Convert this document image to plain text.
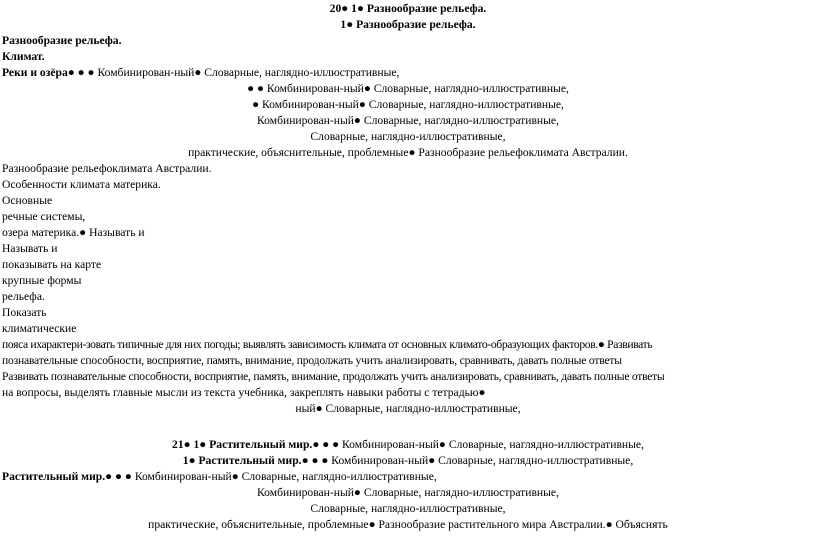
20● 1● Разнообразие рельефа.
1● Разнообразие рельефа.
Разнообразие рельефа.
Климат.
Реки и озёра● ● ● Комбинирован-ный● Словарные, наглядно-иллюстративные,
● ● Комбинирован-ный● Словарные, наглядно-иллюстративные,
● Комбинирован-ный● Словарные, наглядно-иллюстративные,
Комбинирован-ный● Словарные, наглядно-иллюстративные,
Словарные, наглядно-иллюстративные,
практические, объяснительные, проблемные● Разнообразие рельефоклимата Австралии.
Разнообразие рельефоклимата Австралии.
Особенности климата материка.
Основные
речные системы,
озера материка.● Называть и
Называть и
показывать на карте
крупные формы
рельефа.
Показать
климатические
пояса ихарактери-зовать типичные для них погоды; выявлять зависимость климата от основных климато-образующих факторов.● Развивать
познавательные способности, восприятие, память, внимание, продолжать учить анализировать, сравнивать, давать полные ответы
Развивать познавательные способности, восприятие, память, внимание, продолжать учить анализировать, сравнивать, давать полные ответы
на вопросы, выделять главные мысли из текста учебника, закреплять навыки работы с тетрадью●
ный● Словарные, наглядно-иллюстративные,
21● 1● Растительный мир.● ● ● Комбинирован-ный● Словарные, наглядно-иллюстративные,
1● Растительный мир.● ● ● Комбинирован-ный● Словарные, наглядно-иллюстративные,
Растительный мир.● ● ● Комбинирован-ный● Словарные, наглядно-иллюстративные,
Комбинирован-ный● Словарные, наглядно-иллюстративные,
Словарные, наглядно-иллюстративные,
практические, объяснительные, проблемные● Разнообразие растительного мира Австралии.● Объяснять
